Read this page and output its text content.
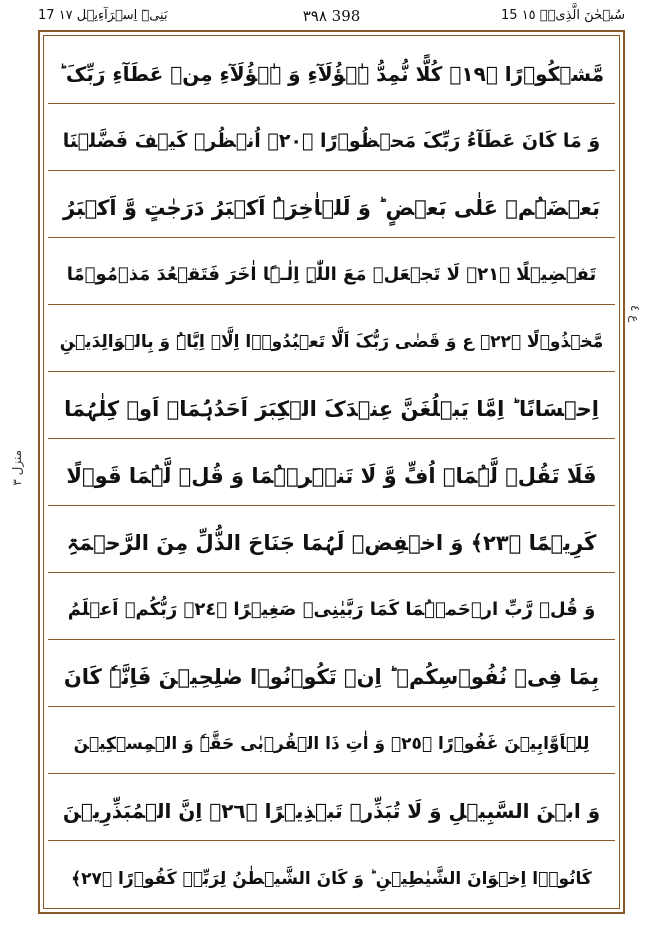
17 بَنِیۡٓ اِسۡرَآءِیۡل ١٧	٣٩٨ 398	15 سُبۡحٰنَ الَّذِیۡۤ ١٥
ع ٤
منزل ٣
مَّشۡکُوۡرًا ﴿١٩﴾ کُلًّا نُّمِدُّ ہٰۤؤُلَآءِ وَ ہٰۤؤُلَآءِ مِنۡ عَطَآءِ رَبِّکَ ؕ
وَ مَا کَانَ عَطَآءُ رَبِّکَ مَحۡظُوۡرًا ﴿٢٠﴾ اُنۡظُرۡ کَیۡفَ فَضَّلۡنَا
بَعۡضَہُمۡ عَلٰی بَعۡضٍ ؕ وَ لَلۡاٰخِرَۃُ اَکۡبَرُ دَرَجٰتٍ وَّ اَکۡبَرُ
تَفۡضِیۡلًا ﴿٢١﴾ لَا تَجۡعَلۡ مَعَ اللّٰہِ اِلٰـہًا اٰخَرَ فَتَقۡعُدَ مَذۡمُوۡمًا
مَّخۡذُوۡلًا ﴿٢٢﴾ ع وَ قَضٰی رَبُّکَ اَلَّا تَعۡبُدُوۡۤا اِلَّاۤ اِیَّاہُ وَ بِالۡوَالِدَیۡنِ
اِحۡسَانًا ؕ اِمَّا یَبۡلُغَنَّ عِنۡدَکَ الۡکِبَرَ اَحَدُہُمَاۤ اَوۡ کِلٰہُمَا
فَلَا تَقُلۡ لَّہُمَاۤ اُفٍّ وَّ لَا تَنۡہَرۡہُمَا وَ قُلۡ لَّہُمَا قَوۡلًا
کَرِیۡمًا ﴿٢٣﴾ وَ اخۡفِضۡ لَہُمَا جَنَاحَ الذُّلِّ مِنَ الرَّحۡمَۃِ
وَ قُلۡ رَّبِّ ارۡحَمۡہُمَا کَمَا رَبَّیٰنِیۡ صَغِیۡرًا ﴿٢٤﴾ رَبُّکُمۡ اَعۡلَمُ
بِمَا فِیۡ نُفُوۡسِکُمۡ ؕ اِنۡ تَکُوۡنُوۡا صٰلِحِیۡنَ فَاِنَّہٗ کَانَ
لِلۡاَوَّابِیۡنَ غَفُوۡرًا ﴿٢٥﴾ وَ اٰتِ ذَا الۡقُرۡبٰی حَقَّہٗ وَ الۡمِسۡکِیۡنَ
وَ ابۡنَ السَّبِیۡلِ وَ لَا تُبَذِّرۡ تَبۡذِیۡرًا ﴿٢٦﴾ اِنَّ الۡمُبَذِّرِیۡنَ
کَانُوۡۤا اِخۡوَانَ الشَّیٰطِیۡنِ ؕ وَ کَانَ الشَّیۡطٰنُ لِرَبِّہٖ کَفُوۡرًا ﴿٢٧﴾
